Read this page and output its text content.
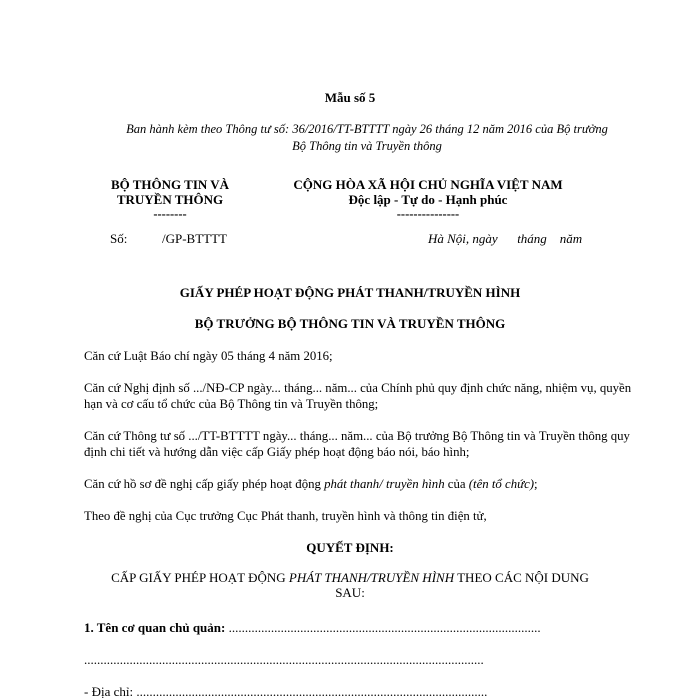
Mẫu số 5
Ban hành kèm theo Thông tư số: 36/2016/TT-BTTTT ngày 26 tháng 12 năm 2016 của Bộ trưởng
Bộ Thông tin và Truyền thông
BỘ THÔNG TIN VÀ
TRUYỀN THÔNG
--------
CỘNG HÒA XÃ HỘI CHỦ NGHĨA VIỆT NAM
Độc lập - Tự do - Hạnh phúc
---------------
Số:	/GP-BTTTT	Hà Nội, ngày      tháng    năm
GIẤY PHÉP HOẠT ĐỘNG PHÁT THANH/TRUYỀN HÌNH
BỘ TRƯỞNG BỘ THÔNG TIN VÀ TRUYỀN THÔNG
Căn cứ Luật Báo chí ngày 05 tháng 4 năm 2016;
Căn cứ Nghị định số .../NĐ-CP ngày... tháng... năm... của Chính phủ quy định chức năng, nhiệm vụ, quyền hạn và cơ cấu tổ chức của Bộ Thông tin và Truyền thông;
Căn cứ Thông tư số .../TT-BTTTT ngày... tháng... năm... của Bộ trưởng Bộ Thông tin và Truyền thông quy định chi tiết và hướng dẫn việc cấp Giấy phép hoạt động báo nói, báo hình;
Căn cứ hồ sơ đề nghị cấp giấy phép hoạt động phát thanh/ truyền hình của (tên tổ chức);
Theo đề nghị của Cục trưởng Cục Phát thanh, truyền hình và thông tin điện tử,
QUYẾT ĐỊNH:
CẤP GIẤY PHÉP HOẠT ĐỘNG PHÁT THANH/TRUYỀN HÌNH THEO CÁC NỘI DUNG
SAU:
1. Tên cơ quan chủ quản: ................................................................................................
...........................................................................................................................
- Địa chỉ: ............................................................................................................
